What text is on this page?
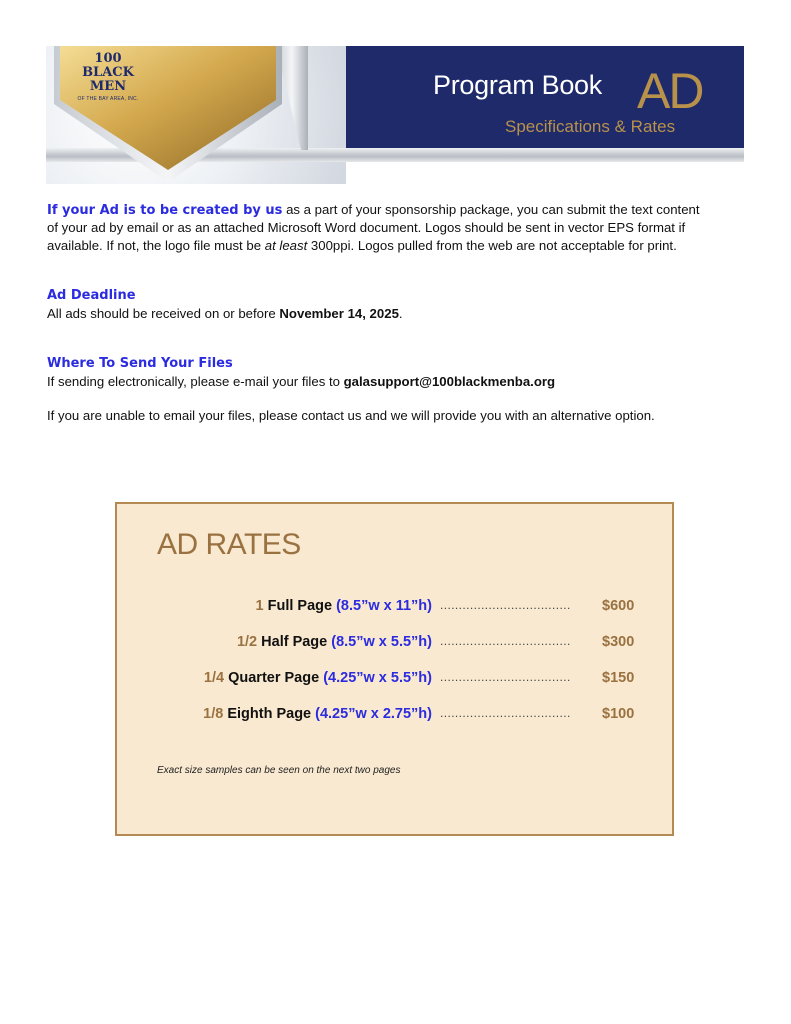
100
BLACK
MEN
OF THE BAY AREA, INC.	Program Book AD
Specifications & Rates

If your Ad is to be created by us as a part of your sponsorship package, you can submit the text content

of your ad by email or as an attached Microsoft Word document. Logos should be sent in vector EPS format if

available. If not, the logo file must be at least 300ppi. Logos pulled from the web are not acceptable for print.

Ad Deadline

All ads should be received on or before November 14, 2025.

Where To Send Your Files

If sending electronically, please e-mail your files to galasupport@100blackmenba.org

If you are unable to email your files, please contact us and we will provide you with an alternative option.

AD RATES
1 Full Page (8.5”w x 11”h) ...................................	$600
1/2 Half Page (8.5”w x 5.5”h) ...................................	$300
1/4 Quarter Page (4.25”w x 5.5”h) ...................................	$150
1/8 Eighth Page (4.25”w x 2.75”h) ...................................	$100
Exact size samples can be seen on the next two pages
